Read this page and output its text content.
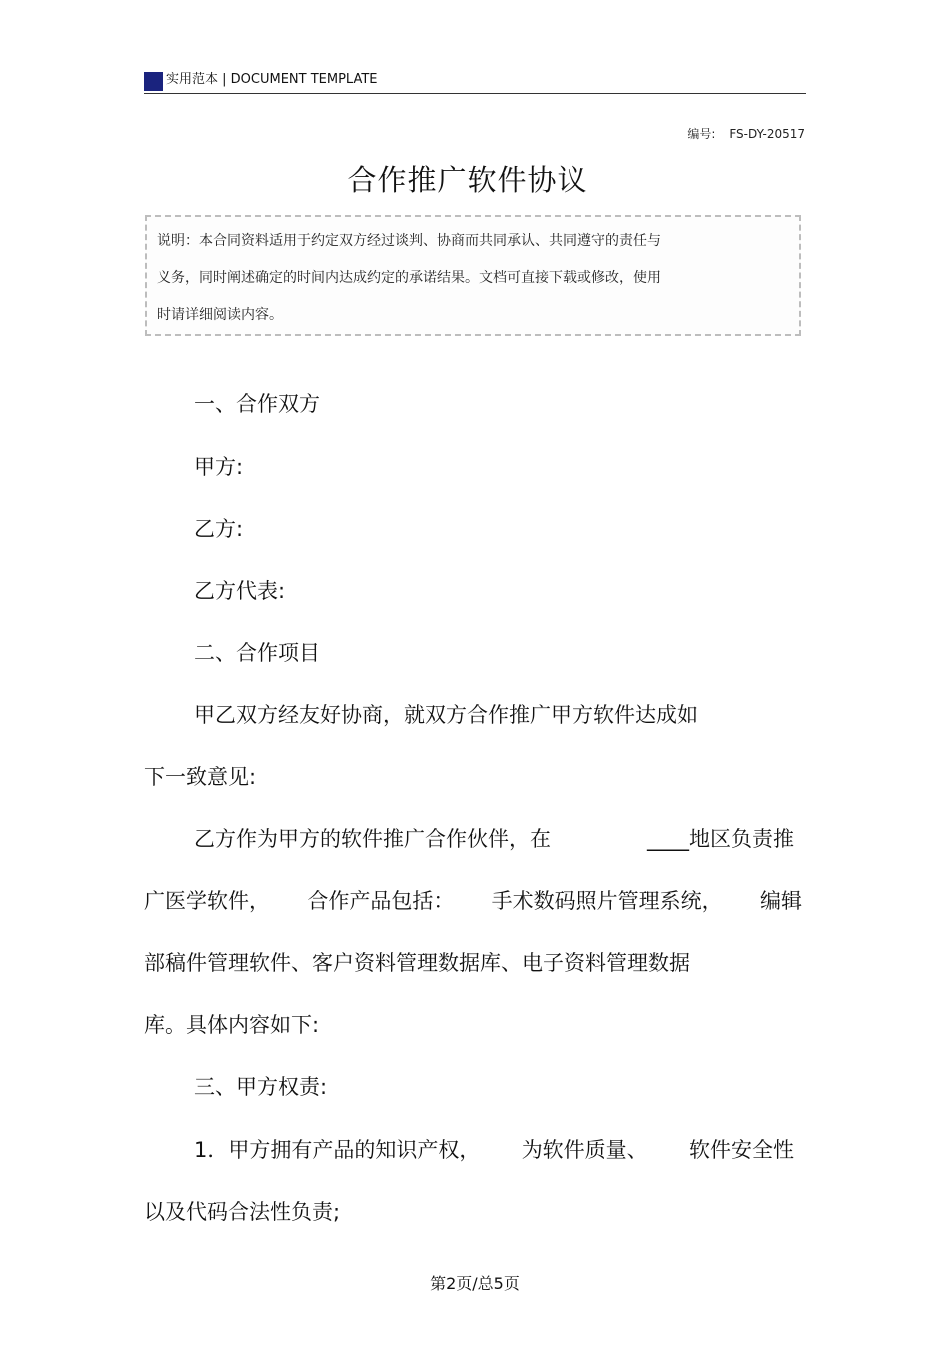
实用范本 | DOCUMENT TEMPLATE
编号: FS-DY-20517
合作推广软件协议
说明：本合同资料适用于约定双方经过谈判、协商而共同承认、共同遵守的责任与
义务，同时阐述确定的时间内达成约定的承诺结果。文档可直接下载或修改，使用
时请详细阅读内容。
一、合作双方
甲方:
乙方:
乙方代表:
二、合作项目
甲乙双方经友好协商，就双方合作推广甲方软件达成如
下一致意见:
乙方作为甲方的软件推广合作伙伴，在	____地区负责推
广医学软件， 合作产品包括： 手术数码照片管理系统， 编辑
部稿件管理软件、客户资料管理数据库、电子资料管理数据
库。具体内容如下:
三、甲方权责:
1．甲方拥有产品的知识产权， 为软件质量、 软件安全性
以及代码合法性负责;
第2页/总5页
